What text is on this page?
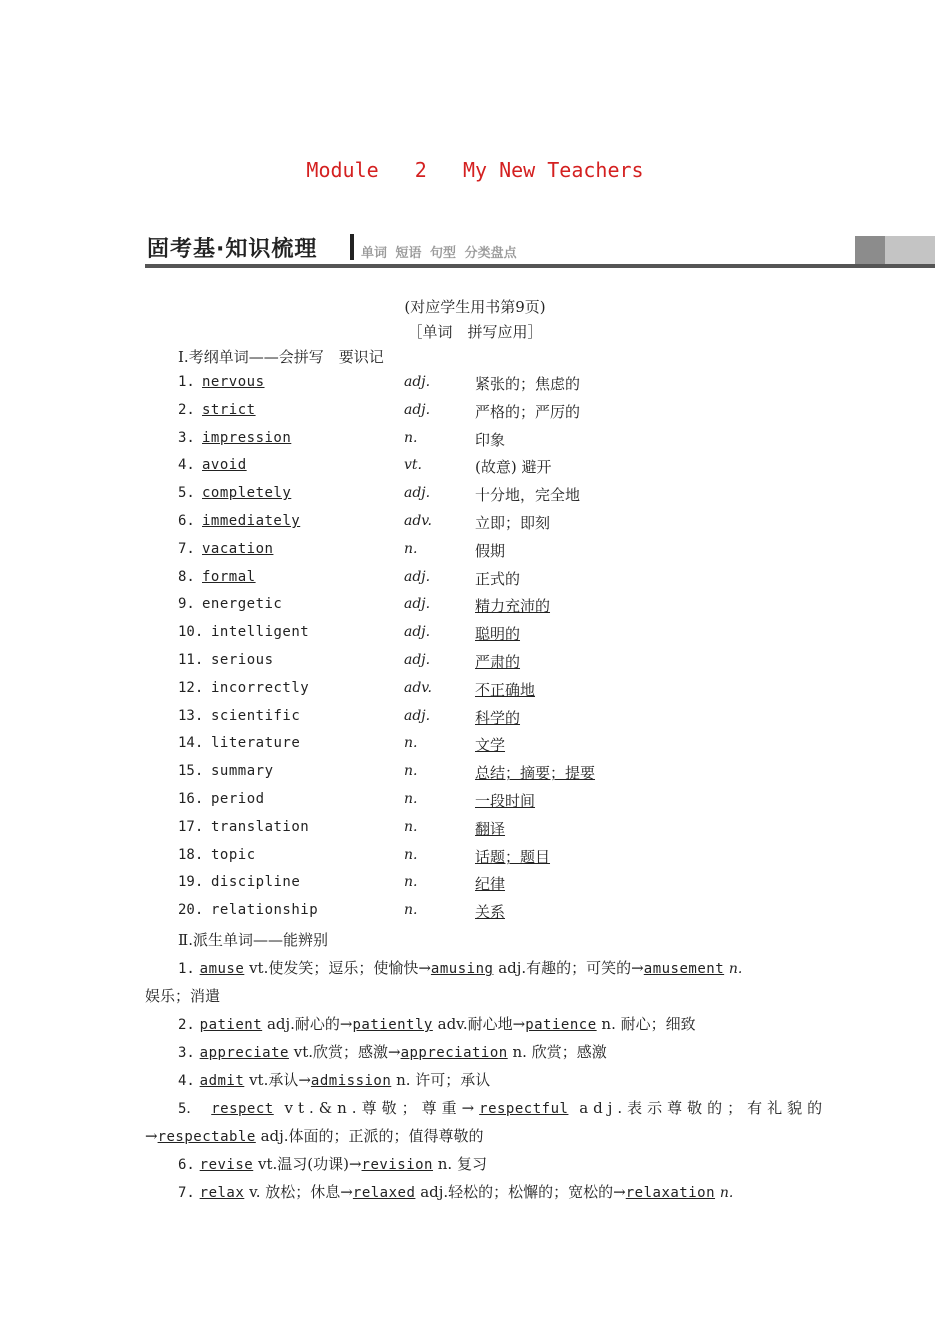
Module   2   My New Teachers
固考基·知识梳理	单词 短语 句型 分类盘点
(对应学生用书第9页)
［单词　拼写应用］
Ⅰ.考纲单词——会拼写　要识记
1. nervous	adj.	紧张的；焦虑的
2. strict	adj.	严格的；严厉的
3. impression	n.	印象
4. avoid	vt.	(故意) 避开
5. completely	adj.	十分地，完全地
6. immediately	adv.	立即；即刻
7. vacation	n.	假期
8. formal	adj.	正式的
9. energetic	adj.	精力充沛的
10. intelligent	adj.	聪明的
11. serious	adj.	严肃的
12. incorrectly	adv.	不正确地
13. scientific	adj.	科学的
14. literature	n.	文学
15. summary	n.	总结；摘要；提要
16. period	n.	一段时间
17. translation	n.	翻译
18. topic	n.	话题；题目
19. discipline	n.	纪律
20. relationship	n.	关系
Ⅱ.派生单词——能辨别
1. amuse vt.使发笑；逗乐；使愉快→amusing adj.有趣的；可笑的→amusement n.
娱乐；消遣
2. patient adj.耐心的→patiently adv.耐心地→patience n. 耐心；细致
3. appreciate vt.欣赏；感激→appreciation n. 欣赏；感激
4. admit vt.承认→admission n. 许可；承认
5． respect vt.&n.尊敬；尊重→respectful adj.表示尊敬的；有礼貌的
→respectable adj.体面的；正派的；值得尊敬的
6. revise vt.温习(功课)→revision n. 复习
7. relax v. 放松；休息→relaxed adj.轻松的；松懈的；宽松的→relaxation n.
